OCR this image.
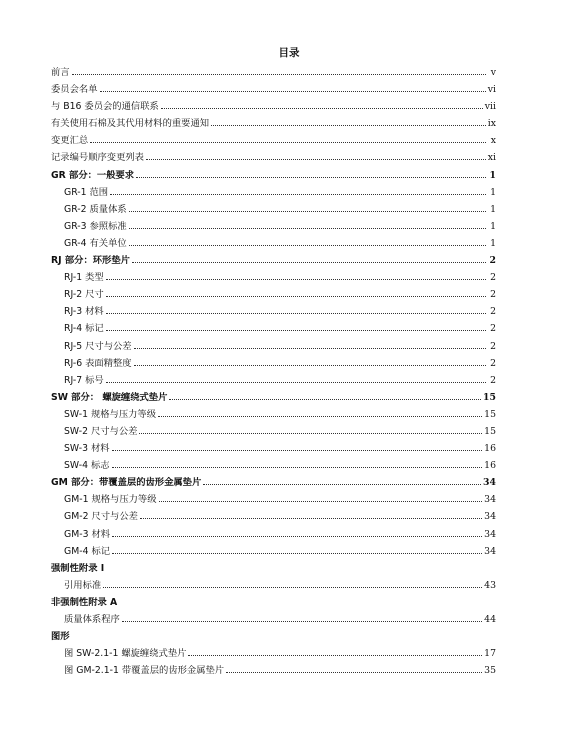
目录
前言	v
委员会名单	vi
与 B16 委员会的通信联系	vii
有关使用石棉及其代用材料的重要通知	ix
变更汇总	x
记录编号顺序变更列表	xi
GR 部分：一般要求	1
GR-1 范围	1
GR-2 质量体系	1
GR-3 参照标准	1
GR-4 有关单位	1
RJ 部分：环形垫片	2
RJ-1 类型	2
RJ-2 尺寸	2
RJ-3 材料	2
RJ-4 标记	2
RJ-5 尺寸与公差	2
RJ-6 表面精整度	2
RJ-7 标号	2
SW 部分： 螺旋缠绕式垫片	15
SW-1 规格与压力等级	15
SW-2 尺寸与公差	15
SW-3 材料	16
SW-4 标志	16
GM 部分：带覆盖层的齿形金属垫片	34
GM-1 规格与压力等级	34
GM-2 尺寸与公差	34
GM-3 材料	34
GM-4 标记	34
强制性附录 I
引用标准	43
非强制性附录 A
质量体系程序	44
图形
图 SW-2.1-1 螺旋缠绕式垫片	17
图 GM-2.1-1 带覆盖层的齿形金属垫片	35
